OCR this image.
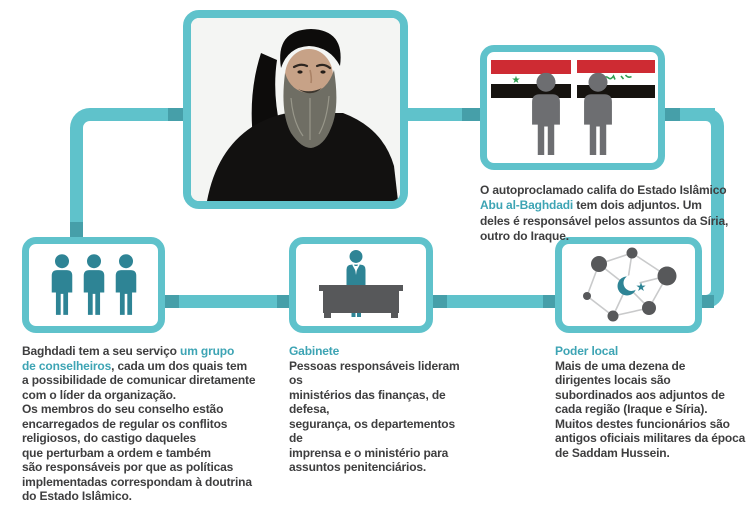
★
★
O autoproclamado califa do Estado Islâmico
Abu al-Baghdadi tem dois adjuntos. Um
deles é responsável pelos assuntos da Síria,
outro do Iraque.
Baghdadi tem a seu serviço um grupo
de conselheiros, cada um dos quais tem
a possibilidade de comunicar diretamente
com o líder da organização.
Os membros do seu conselho estão
encarregados de regular os conflitos
religiosos, do castigo daqueles
que perturbam a ordem e também
são responsáveis por que as políticas
implementadas correspondam à doutrina
do Estado Islâmico.
Gabinete
Pessoas responsáveis lideram os
ministérios das finanças, de defesa,
segurança, os departementos de
imprensa e o ministério para
assuntos penitenciários.
Poder local
Mais de uma dezena de
dirigentes locais são
subordinados aos adjuntos de
cada região (Iraque e Síria).
Muitos destes funcionários são
antigos oficiais militares da época
de Saddam Hussein.
